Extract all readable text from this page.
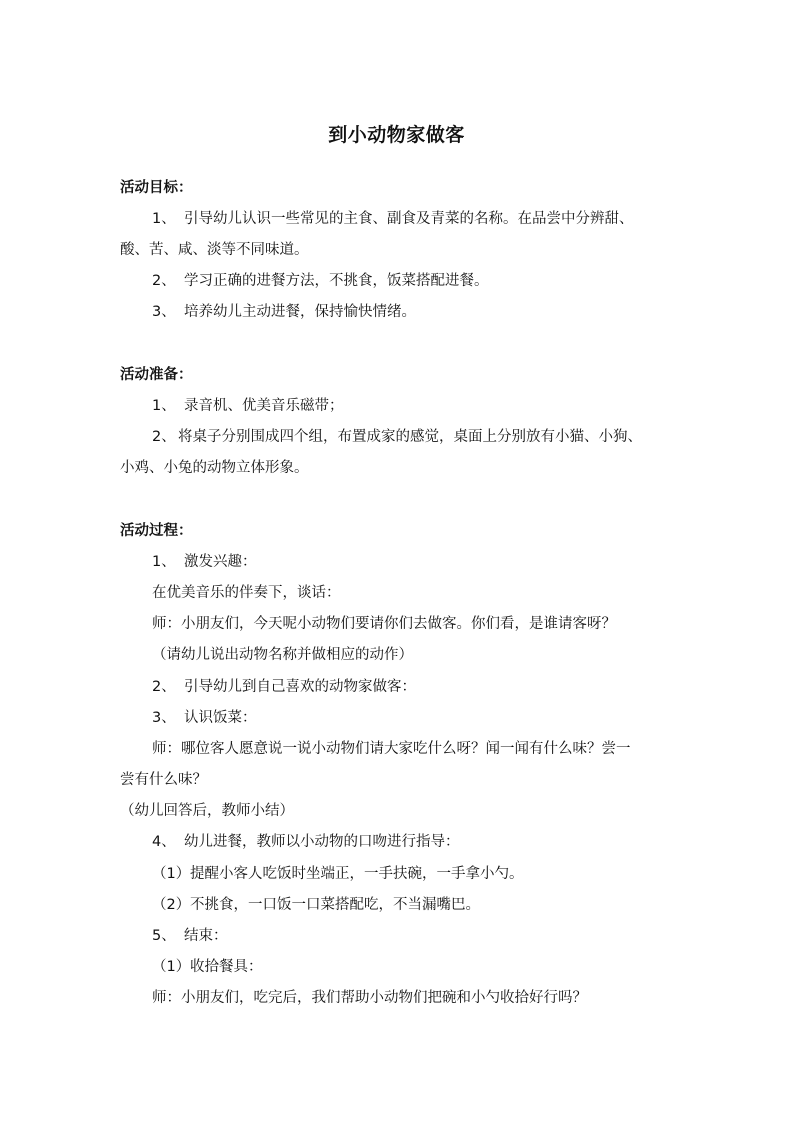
到小动物家做客
活动目标：
1、 引导幼儿认识一些常见的主食、副食及青菜的名称。在品尝中分辨甜、
酸、苦、咸、淡等不同味道。
2、 学习正确的进餐方法，不挑食，饭菜搭配进餐。
3、 培养幼儿主动进餐，保持愉快情绪。
活动准备：
1、 录音机、优美音乐磁带；
2、 将桌子分别围成四个组，布置成家的感觉，桌面上分别放有小猫、小狗、
小鸡、小兔的动物立体形象。
活动过程：
1、 激发兴趣：
在优美音乐的伴奏下，谈话：
师：小朋友们，今天呢小动物们要请你们去做客。你们看，是谁请客呀？
（请幼儿说出动物名称并做相应的动作）
2、 引导幼儿到自己喜欢的动物家做客：
3、 认识饭菜：
师：哪位客人愿意说一说小动物们请大家吃什么呀？闻一闻有什么味？尝一
尝有什么味？
（幼儿回答后，教师小结）
4、 幼儿进餐，教师以小动物的口吻进行指导：
（1）提醒小客人吃饭时坐端正，一手扶碗，一手拿小勺。
（2）不挑食，一口饭一口菜搭配吃，不当漏嘴巴。
5、 结束：
（1）收拾餐具：
师：小朋友们，吃完后，我们帮助小动物们把碗和小勺收拾好行吗？
